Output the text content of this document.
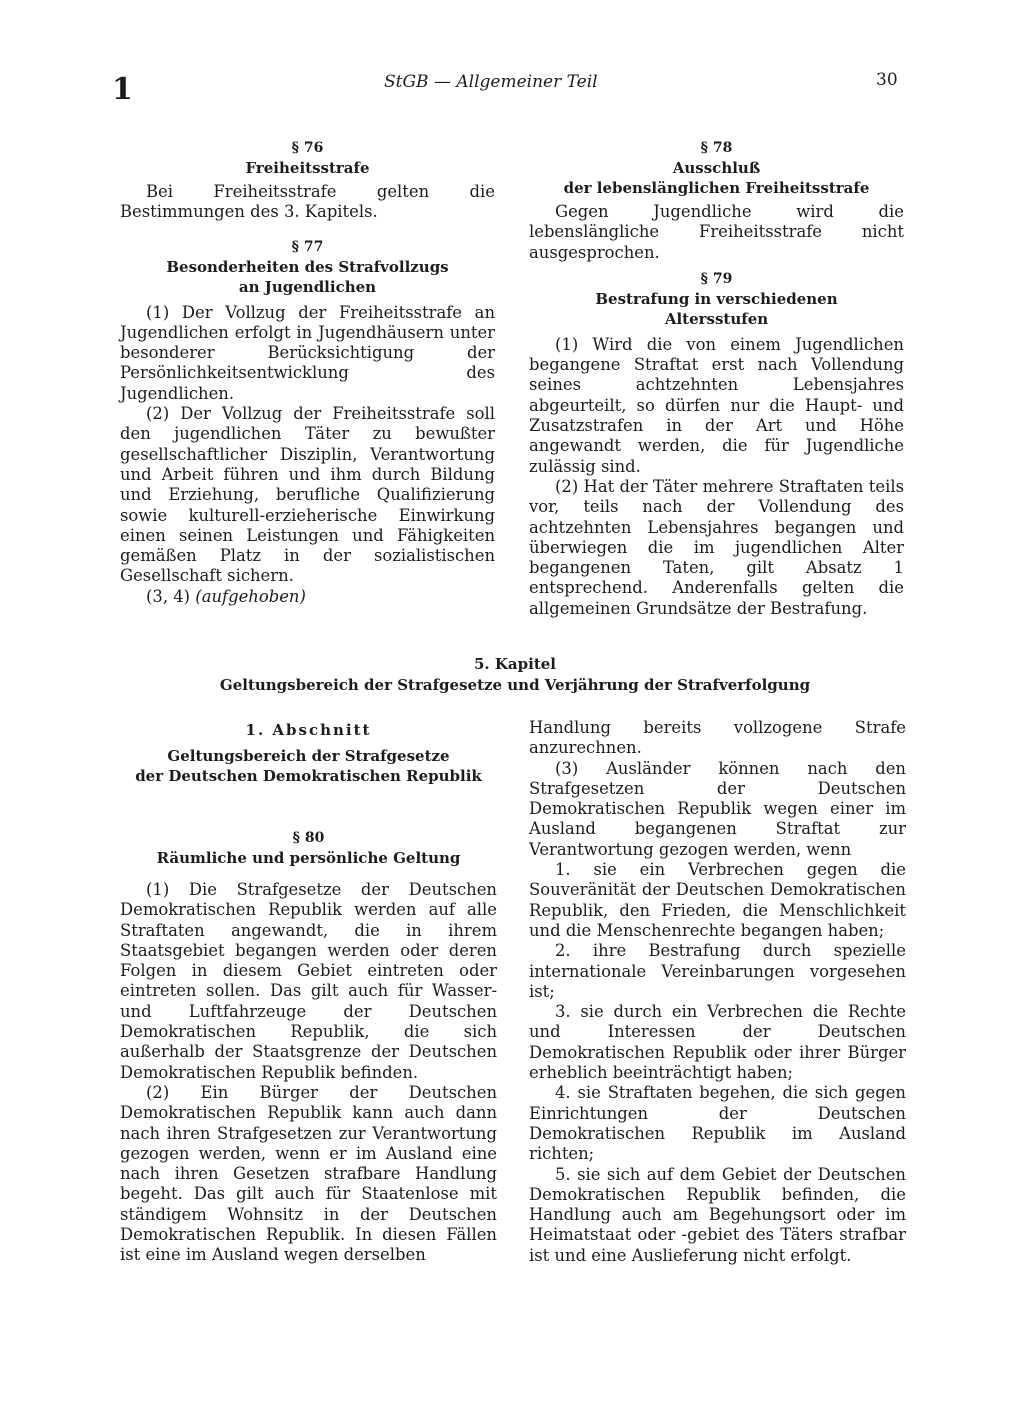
1	StGB — Allgemeiner Teil	30

§ 76

Freiheitsstrafe

Bei Freiheitsstrafe gelten die Bestimmungen des 3. Kapitels.

§ 77

Besonderheiten des Strafvollzugs

an Jugendlichen

(1) Der Vollzug der Freiheitsstrafe an Jugendlichen erfolgt in Jugendhäusern unter besonderer Berücksichtigung der Persönlichkeitsentwicklung des Jugendlichen.

(2) Der Vollzug der Freiheitsstrafe soll den jugendlichen Täter zu bewußter gesellschaftlicher Disziplin, Verantwortung und Arbeit führen und ihm durch Bildung und Erziehung, berufliche Qualifizierung sowie kulturell-erzieherische Einwirkung einen seinen Leistungen und Fähigkeiten gemäßen Platz in der sozialistischen Gesellschaft sichern.

(3, 4) (aufgehoben)

§ 78

Ausschluß

der lebenslänglichen Freiheitsstrafe

Gegen Jugendliche wird die lebenslängliche Freiheitsstrafe nicht ausgesprochen.

§ 79

Bestrafung in verschiedenen

Altersstufen

(1) Wird die von einem Jugendlichen begangene Straftat erst nach Vollendung seines achtzehnten Lebensjahres abgeurteilt, so dürfen nur die Haupt- und Zusatzstrafen in der Art und Höhe angewandt werden, die für Jugendliche zulässig sind.

(2) Hat der Täter mehrere Straftaten teils vor, teils nach der Vollendung des achtzehnten Lebensjahres begangen und überwiegen die im jugendlichen Alter begangenen Taten, gilt Absatz 1 entsprechend. Anderenfalls gelten die allgemeinen Grundsätze der Bestrafung.

5. Kapitel
Geltungsbereich der Strafgesetze und Verjährung der Strafverfolgung

1. Abschnitt

Geltungsbereich der Strafgesetze

der Deutschen Demokratischen Republik

§ 80

Räumliche und persönliche Geltung

(1) Die Strafgesetze der Deutschen Demokratischen Republik werden auf alle Straftaten angewandt, die in ihrem Staatsgebiet begangen werden oder deren Folgen in diesem Gebiet eintreten oder eintreten sollen. Das gilt auch für Wasser- und Luftfahrzeuge der Deutschen Demokratischen Republik, die sich außerhalb der Staatsgrenze der Deutschen Demokratischen Republik befinden.

(2) Ein Bürger der Deutschen Demokratischen Republik kann auch dann nach ihren Strafgesetzen zur Verantwortung gezogen werden, wenn er im Ausland eine nach ihren Gesetzen strafbare Handlung begeht. Das gilt auch für Staatenlose mit ständigem Wohnsitz in der Deutschen Demokratischen Republik. In diesen Fällen ist eine im Ausland wegen derselben

Handlung bereits vollzogene Strafe anzurechnen.

(3) Ausländer können nach den Strafgesetzen der Deutschen Demokratischen Republik wegen einer im Ausland begangenen Straftat zur Verantwortung gezogen werden, wenn

1. sie ein Verbrechen gegen die Souveränität der Deutschen Demokratischen Republik, den Frieden, die Menschlichkeit und die Menschenrechte begangen haben;

2. ihre Bestrafung durch spezielle internationale Vereinbarungen vorgesehen ist;

3. sie durch ein Verbrechen die Rechte und Interessen der Deutschen Demokratischen Republik oder ihrer Bürger erheblich beeinträchtigt haben;

4. sie Straftaten begehen, die sich gegen Einrichtungen der Deutschen Demokratischen Republik im Ausland richten;

5. sie sich auf dem Gebiet der Deutschen Demokratischen Republik befinden, die Handlung auch am Begehungsort oder im Heimatstaat oder -gebiet des Täters strafbar ist und eine Auslieferung nicht erfolgt.
